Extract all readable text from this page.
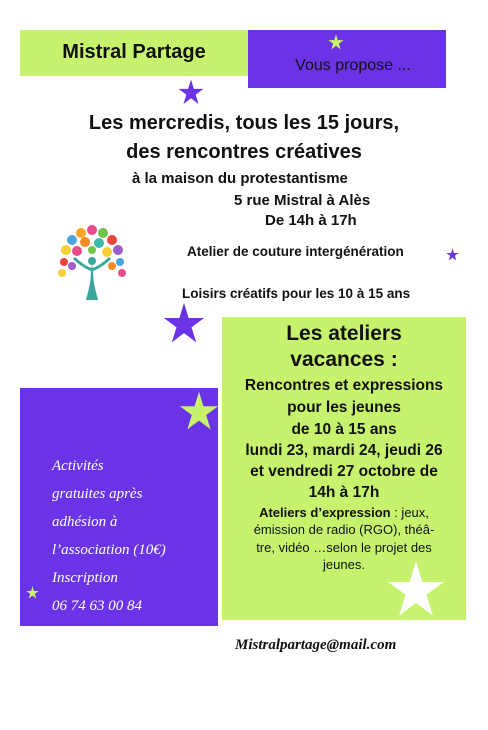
Mistral Partage
Vous propose ...
Les mercredis, tous les 15 jours,
des rencontres créatives
à la maison du protestantisme
5 rue Mistral à Alès
De 14h à 17h
Atelier de couture intergénération
Loisirs créatifs pour les 10 à 15 ans
Les ateliers
vacances :
Rencontres et expressions
pour les jeunes
de 10 à 15 ans
lundi 23, mardi 24, jeudi 26
et vendredi 27 octobre de
14h à 17h
Ateliers d’expression : jeux,
émission de radio (RGO), théâ-
tre, vidéo …selon le projet des
jeunes.
Activités
gratuites après
adhésion à
l’association (10€)
Inscription
06 74 63 00 84
Mistralpartage@mail.com
